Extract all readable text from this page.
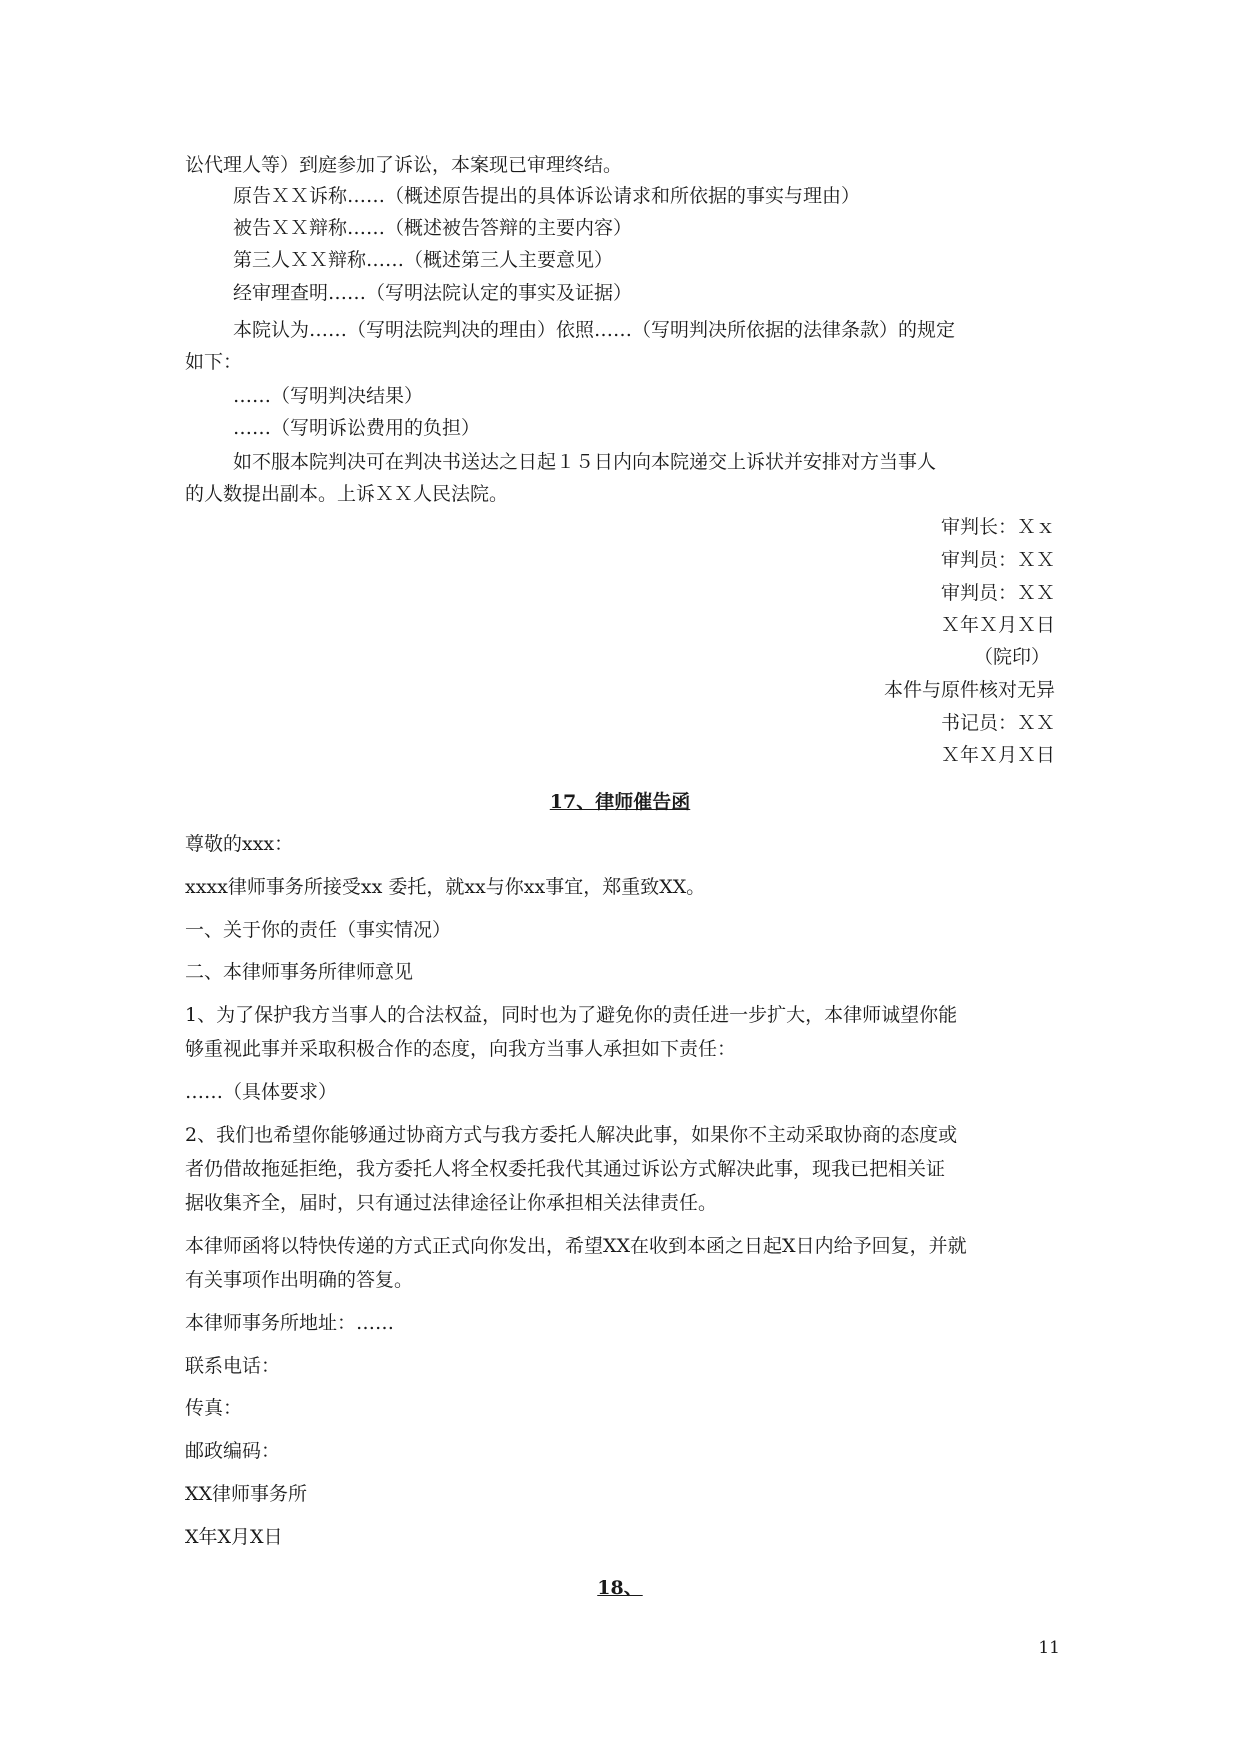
讼代理人等）到庭参加了诉讼，本案现已审理终结。
原告ＸＸ诉称……（概述原告提出的具体诉讼请求和所依据的事实与理由）
被告ＸＸ辩称……（概述被告答辩的主要内容）
第三人ＸＸ辩称……（概述第三人主要意见）
经审理查明……（写明法院认定的事实及证据）
本院认为……（写明法院判决的理由）依照……（写明判决所依据的法律条款）的规定
如下：
……（写明判决结果）
……（写明诉讼费用的负担）
如不服本院判决可在判决书送达之日起１５日内向本院递交上诉状并安排对方当事人
的人数提出副本。上诉ＸＸ人民法院。
审判长：Ｘｘ
审判员：ＸＸ
审判员：ＸＸ
Ｘ年Ｘ月Ｘ日
（院印）
本件与原件核对无异
书记员：ＸＸ
Ｘ年Ｘ月Ｘ日
17、律师催告函
尊敬的xxx：
xxxx律师事务所接受xx 委托，就xx与你xx事宜，郑重致XX。
一、关于你的责任（事实情况）
二、本律师事务所律师意见
1、为了保护我方当事人的合法权益，同时也为了避免你的责任进一步扩大，本律师诚望你能
够重视此事并采取积极合作的态度，向我方当事人承担如下责任：
……（具体要求）
2、我们也希望你能够通过协商方式与我方委托人解决此事，如果你不主动采取协商的态度或
者仍借故拖延拒绝，我方委托人将全权委托我代其通过诉讼方式解决此事，现我已把相关证
据收集齐全，届时，只有通过法律途径让你承担相关法律责任。
本律师函将以特快传递的方式正式向你发出，希望XX在收到本函之日起X日内给予回复，并就
有关事项作出明确的答复。
本律师事务所地址：……
联系电话：
传真：
邮政编码：
XX律师事务所
X年X月X日
18、
11
